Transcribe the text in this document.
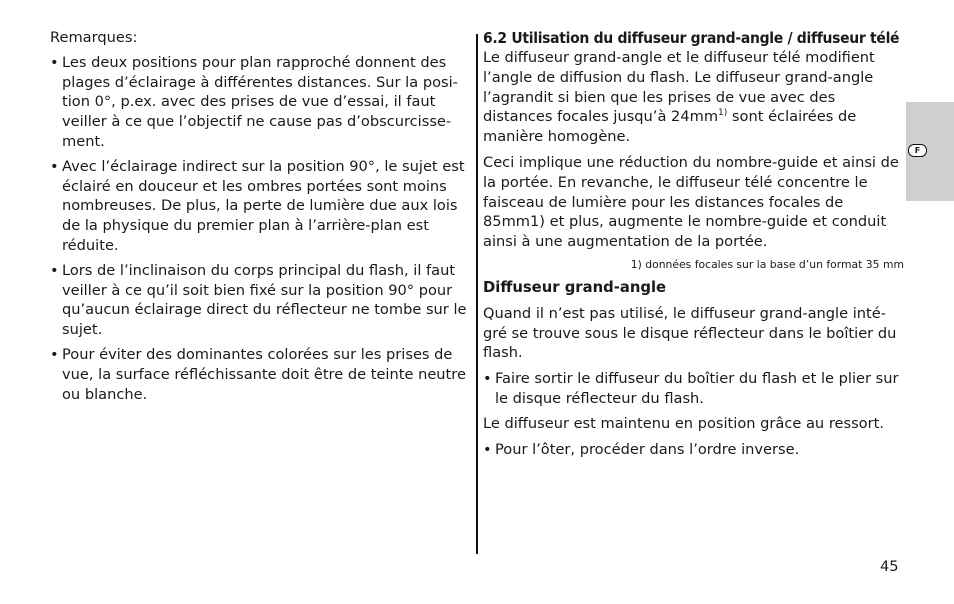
Remarques:

• Les deux positions pour plan rapproché donnent des plages d’éclairage à différentes distances. Sur la posi-tion 0°, p.ex. avec des prises de vue d’essai, il faut veiller à ce que l’objectif ne cause pas d’obscurcisse-ment.
• Avec l’éclairage indirect sur la position 90°, le sujet est éclairé en douceur et les ombres portées sont moins nombreuses. De plus, la perte de lumière due aux lois de la physique du premier plan à l’arrière-plan est réduite.
• Lors de l’inclinaison du corps principal du flash, il faut veiller à ce qu’il soit bien fixé sur la position 90° pour qu’aucun éclairage direct du réflecteur ne tombe sur le sujet.
• Pour éviter des dominantes colorées sur les prises de vue, la surface réfléchissante doit être de teinte neutre ou blanche.
6.2 Utilisation du diffuseur grand-angle / diffuseur télé

Le diffuseur grand-angle et le diffuseur télé modifient l’angle de diffusion du flash. Le diffuseur grand-angle l’agrandit si bien que les prises de vue avec des distances focales jusqu’à $24mm^{1)}$ sont éclairées de manière homogène.

Ceci implique une réduction du nombre-guide et ainsi de la portée. En revanche, le diffuseur télé concentre le faisceau de lumière pour les distances focales de 85mm1) et plus, augmente le nombre-guide et conduit ainsi à une augmentation de la portée.

1) données focales sur la base d’un format 35 mm

Diffuseur grand-angle

Quand il n’est pas utilisé, le diffuseur grand-angle inté-gré se trouve sous le disque réflecteur dans le boîtier du flash.

• Faire sortir le diffuseur du boîtier du flash et le plier sur le disque réflecteur du flash.

Le diffuseur est maintenu en position grâce au ressort.

• Pour l’ôter, procéder dans l’ordre inverse.
F
45
